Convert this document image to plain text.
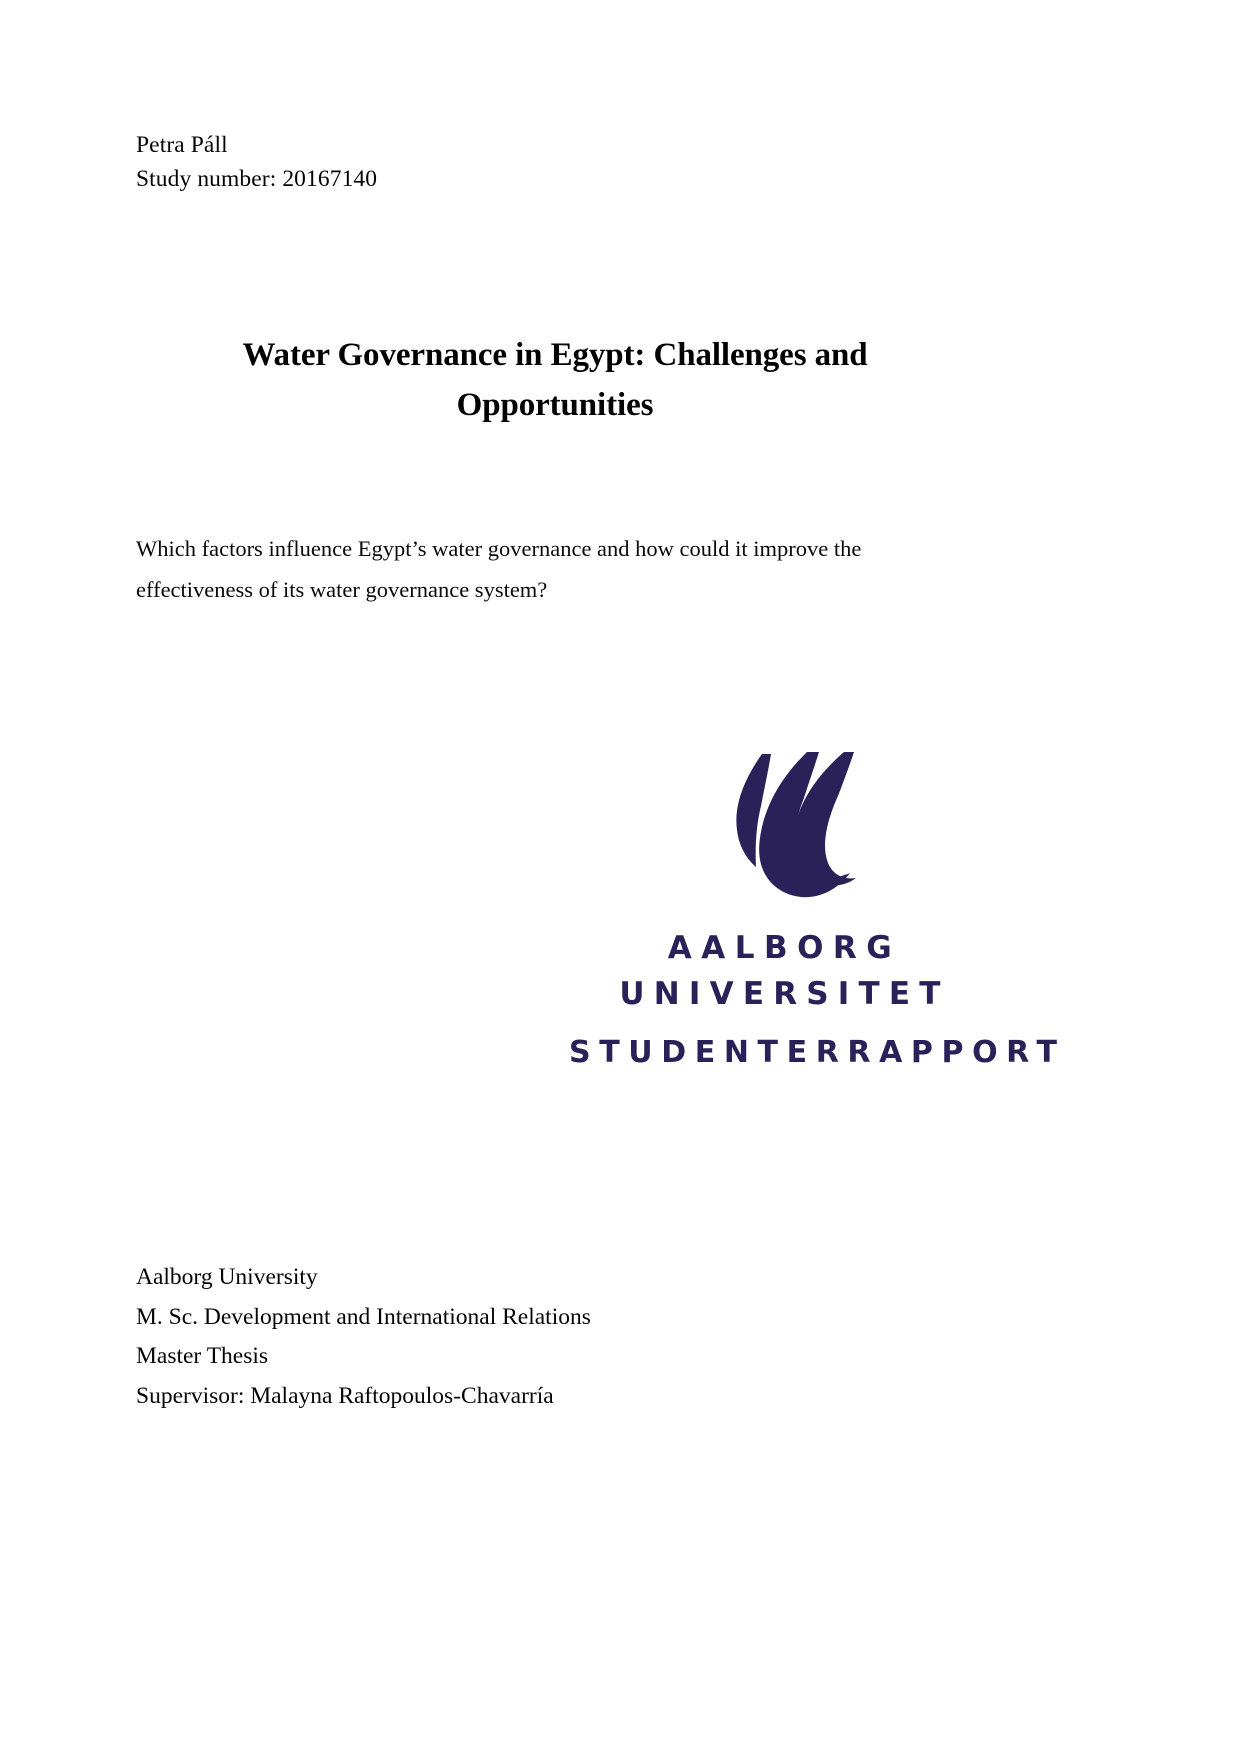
Petra Páll
Study number: 20167140
Water Governance in Egypt: Challenges and
Opportunities
Which factors influence Egypt’s water governance and how could it improve the
effectiveness of its water governance system?
AALBORG
UNIVERSITET
STUDENTERRAPPORT
Aalborg University
M. Sc. Development and International Relations
Master Thesis
Supervisor: Malayna Raftopoulos-Chavarría
